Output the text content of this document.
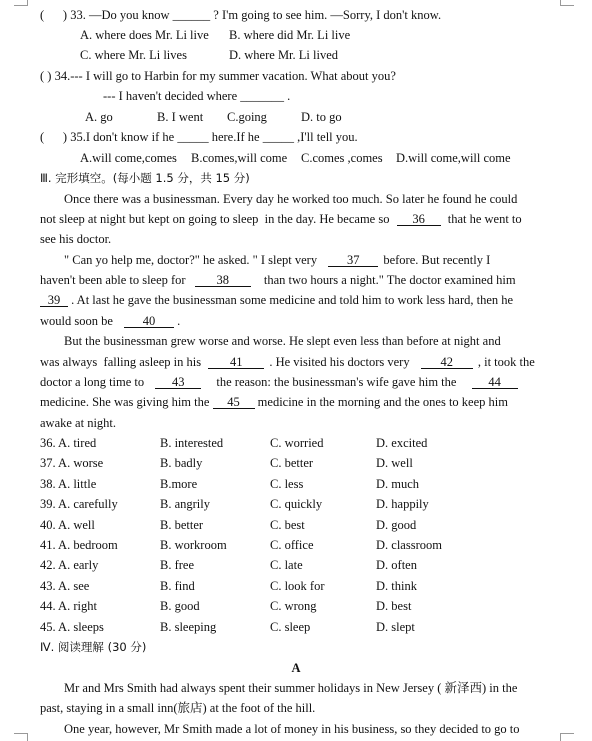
(      ) 33. —Do you know ______ ? I'm going to see him. —Sorry, I don't know.
A. where does Mr. Li live B. where did Mr. Li live
C. where Mr. Li lives	D. where Mr. Li lived
( ) 34.--- I will go to Harbin for my summer vacation. What about you?
--- I haven't decided where _______ .
A. go	B. I went C.going	D. to go
(      ) 35.I don't know if he _____ here.If he _____ ,I'll tell you.
A.will come,comes B.comes,will come C.comes ,comes D.will come,will come
Ⅲ. 完形填空。(每小题 1.5 分，共 15 分)
Once there was a businessman. Every day he worked too much. So later he found he could
not sleep at night but kept on going to sleep  in the day. He became so 36 that he went to
see his doctor.
" Can yo help me, doctor?" he asked. " I slept very 37 before. But recently I
haven't been able to sleep for 38	than two hours a night." The doctor examined him
39 . At last he gave the businessman some medicine and told him to work less hard, then he
would soon be 40 .
But the businessman grew worse and worse. He slept even less than before at night and
was always  falling asleep in his 41 . He visited his doctors very 42 , it took the
doctor a long time to 43	the reason: the businessman's wife gave him the	44
medicine. She was giving him the 45 medicine in the morning and the ones to keep him
awake at night.
36. A. tired	B. interested	C. worried	D. excited
37. A. worse	B. badly	C. better	D. well
38. A. little	B.more	C. less	D. much
39. A. carefully	B. angrily	C. quickly	D. happily
40. A. well	B. better	C. best	D. good
41. A. bedroom	B. workroom	C. office	D. classroom
42. A. early	B. free	C. late	D. often
43. A. see	B. find	C. look for	D. think
44. A. right	B. good	C. wrong	D. best
45. A. sleeps	B. sleeping	C. sleep	D. slept
Ⅳ. 阅读理解 (30 分)
A
Mr and Mrs Smith had always spent their summer holidays in New Jersey ( 新泽西) in the
past, staying in a small inn(旅店) at the foot of the hill.
One year, however, Mr Smith made a lot of money in his business, so they decided to go to
